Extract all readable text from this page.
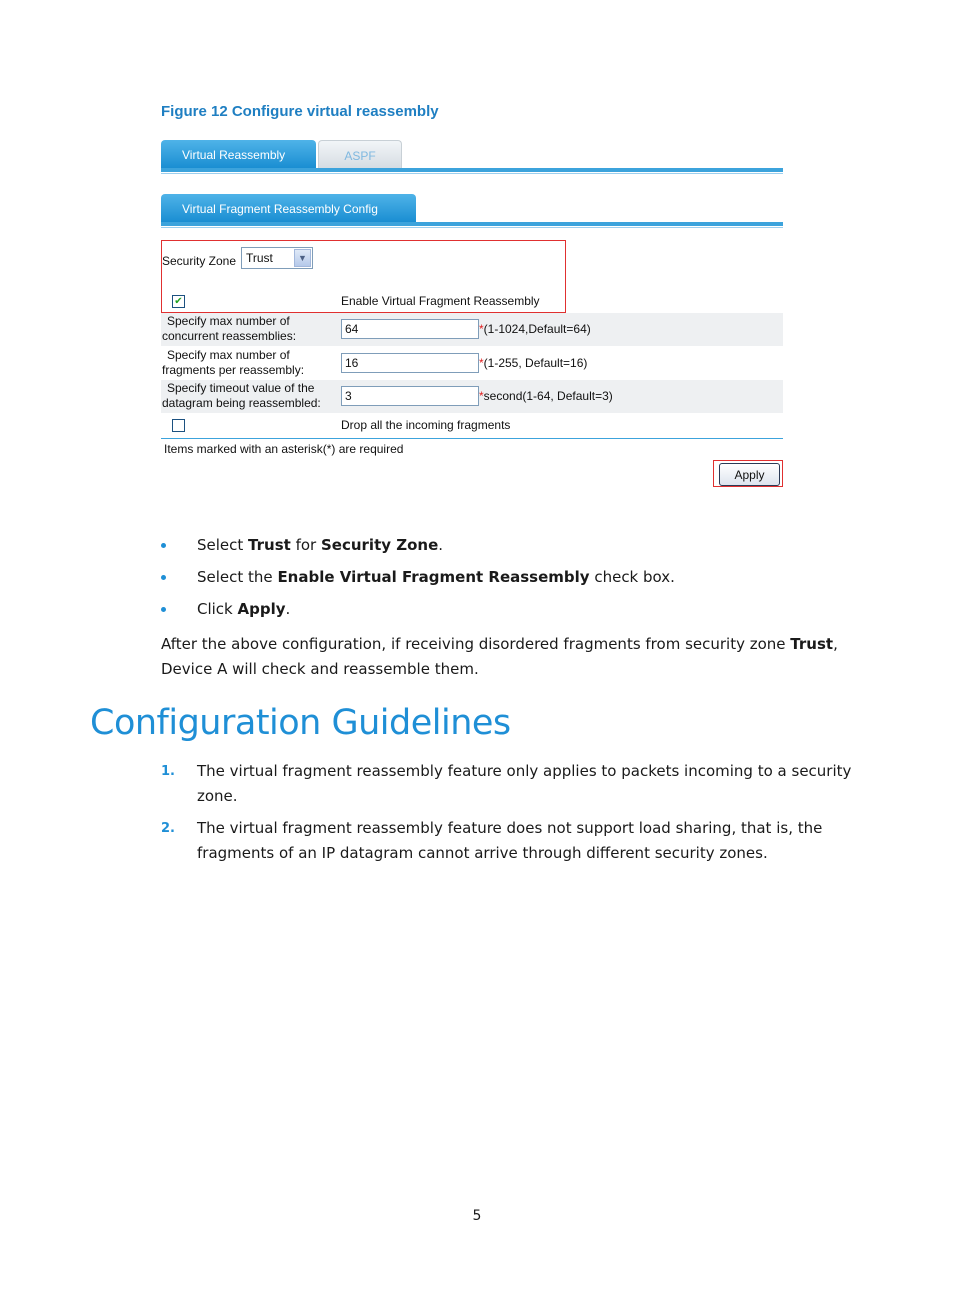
Figure 12 Configure virtual reassembly
Virtual Reassembly	ASPF
Virtual Fragment Reassembly Config
Security Zone Trust	▼
✔	Enable Virtual Fragment Reassembly
Specify max number of
concurrent reassemblies:	64	*(1-1024,Default=64)
Specify max number of
fragments per reassembly:	16	*(1-255, Default=16)
Specify timeout value of the
datagram being reassembled:	3	*second(1-64, Default=3)
Drop all the incoming fragments
Items marked with an asterisk(*) are required
Apply
Select Trust for Security Zone.
Select the Enable Virtual Fragment Reassembly check box.
Click Apply.

After the above configuration, if receiving disordered fragments from security zone Trust, Device A will check and reassemble them.

Configuration Guidelines
1. The virtual fragment reassembly feature only applies to packets incoming to a security zone.
2. The virtual fragment reassembly feature does not support load sharing, that is, the fragments of an IP datagram cannot arrive through different security zones.
5
